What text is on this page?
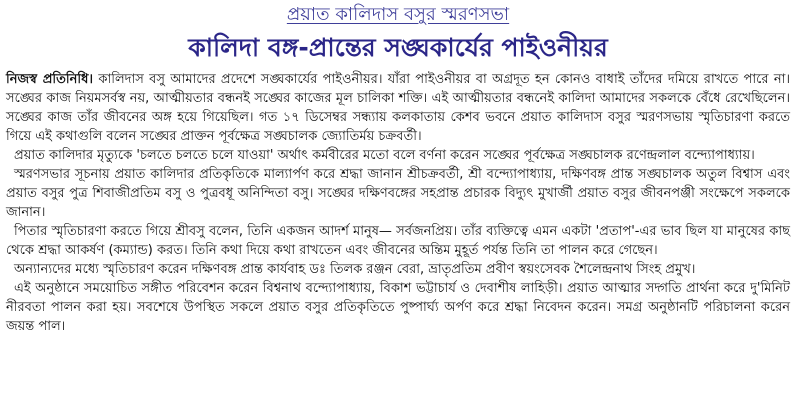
প্রয়াত কালিদাস বসুর স্মরণসভা
কালিদা বঙ্গ-প্রান্তের সঙ্ঘকার্যের পাইওনীয়র

নিজস্ব প্রতিনিধি। কালিদাস বসু আমাদের প্রদেশে সঙ্ঘকার্যের পাইওনীয়র। যাঁরা পাইওনীয়র বা অগ্রদূত হন কোনও বাধাই তাঁদের দমিয়ে রাখতে পারে না। সঙ্ঘের কাজ নিয়মসর্বস্ব নয়, আত্মীয়তার বন্ধনই সঙ্ঘের কাজের মূল চালিকা শক্তি। এই আত্মীয়তার বন্ধনেই কালিদা আমাদের সকলকে বেঁধে রেখেছিলেন। সঙ্ঘের কাজ তাঁর জীবনের অঙ্গ হয়ে গিয়েছিল। গত ১৭ ডিসেম্বর সন্ধ্যায় কলকাতায় কেশব ভবনে প্রয়াত কালিদাস বসুর স্মরণসভায় স্মৃতিচারণা করতে গিয়ে এই কথাগুলি বলেন সঙ্ঘের প্রাক্তন পূর্বক্ষেত্র সঙ্ঘচালক জ্যোতির্ময় চক্রবর্তী।

প্রয়াত কালিদার মৃত্যুকে 'চলতে চলতে চলে যাওয়া' অর্থাৎ কর্মবীরের মতো বলে বর্ণনা করেন সঙ্ঘের পূর্বক্ষেত্র সঙ্ঘচালক রণেন্দ্রলাল বন্দ্যোপাধ্যায়।

স্মরণসভার সূচনায় প্রয়াত কালিদার প্রতিকৃতিকে মাল্যার্পণ করে শ্রদ্ধা জানান শ্রীচক্রবর্তী, শ্রী বন্দ্যোপাধ্যায়, দক্ষিণবঙ্গ প্রান্ত সঙ্ঘচালক অতুল বিশ্বাস এবং প্রয়াত বসুর পুত্র শিবাজীপ্রতিম বসু ও পুত্রবধূ অনিন্দিতা বসু। সঙ্ঘের দক্ষিণবঙ্গের সহপ্রান্ত প্রচারক বিদ্যুৎ মুখার্জী প্রয়াত বসুর জীবনপঞ্জী সংক্ষেপে সকলকে জানান।

পিতার স্মৃতিচারণা করতে গিয়ে শ্রীবসু বলেন, তিনি একজন আদর্শ মানুষ— সর্বজনপ্রিয়। তাঁর ব্যক্তিত্বে এমন একটা 'প্রতাপ'-এর ভাব ছিল যা মানুষের কাছ থেকে শ্রদ্ধা আকর্ষণ (কম্যান্ড) করত। তিনি কথা দিয়ে কথা রাখতেন এবং জীবনের অন্তিম মুহূর্ত পর্যন্ত তিনি তা পালন করে গেছেন।

অন্যান্যদের মধ্যে স্মৃতিচারণ করেন দক্ষিণবঙ্গ প্রান্ত কার্যবাহ ডঃ তিলক রঞ্জন বেরা, ভ্রাতৃপ্রতিম প্রবীণ স্বয়ংসেবক শৈলেন্দ্রনাথ সিংহ প্রমুখ।

এই অনুষ্ঠানে সময়োচিত সঙ্গীত পরিবেশন করেন বিশ্বনাথ বন্দ্যোপাধ্যায়, বিকাশ ভট্টাচার্য ও দেবাশীষ লাহিড়ী। প্রয়াত আত্মার সদ্গতি প্রার্থনা করে দু'মিনিট নীরবতা পালন করা হয়। সবশেষে উপস্থিত সকলে প্রয়াত বসুর প্রতিকৃতিতে পুষ্পার্ঘ্য অর্পণ করে শ্রদ্ধা নিবেদন করেন। সমগ্র অনুষ্ঠানটি পরিচালনা করেন জয়ন্ত পাল।
